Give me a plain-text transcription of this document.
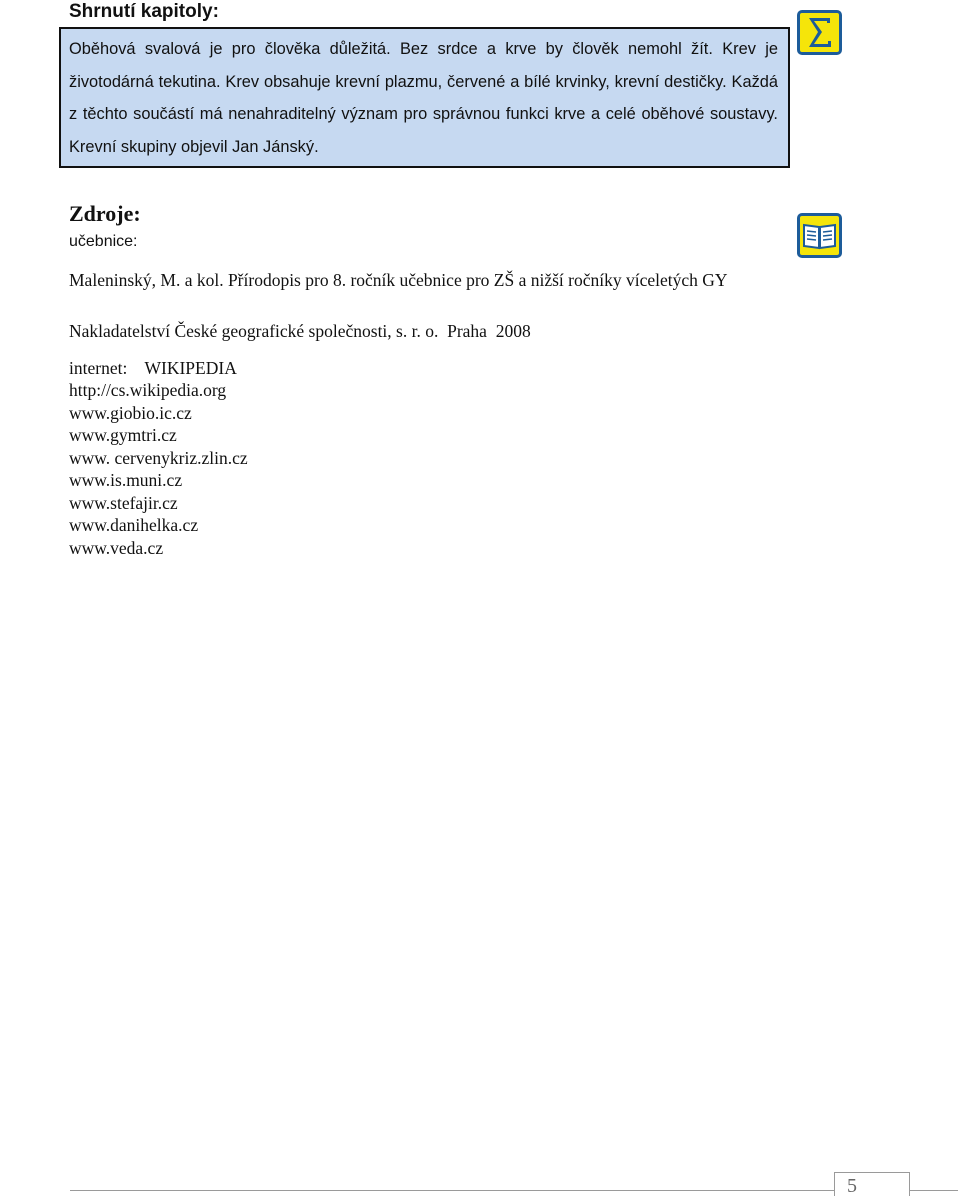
Shrnutí kapitoly:
Oběhová svalová je pro člověka důležitá. Bez srdce a krve by člověk nemohl žít. Krev je životodárná tekutina. Krev obsahuje krevní plazmu, červené a bílé krvinky, krevní destičky. Každá z těchto součástí má nenahraditelný význam pro správnou funkci krve a celé oběhové soustavy. Krevní skupiny objevil Jan Jánský.
Zdroje:
učebnice:
Maleninský, M. a kol. Přírodopis pro 8. ročník učebnice pro ZŠ a nižší ročníky víceletých GY
Nakladatelství České geografické společnosti, s. r. o.  Praha  2008
internet: WIKIPEDIA
http://cs.wikipedia.org
www.giobio.ic.cz
www.gymtri.cz
www. cervenykriz.zlin.cz
www.is.muni.cz
www.stefajir.cz
www.danihelka.cz
www.veda.cz
5
